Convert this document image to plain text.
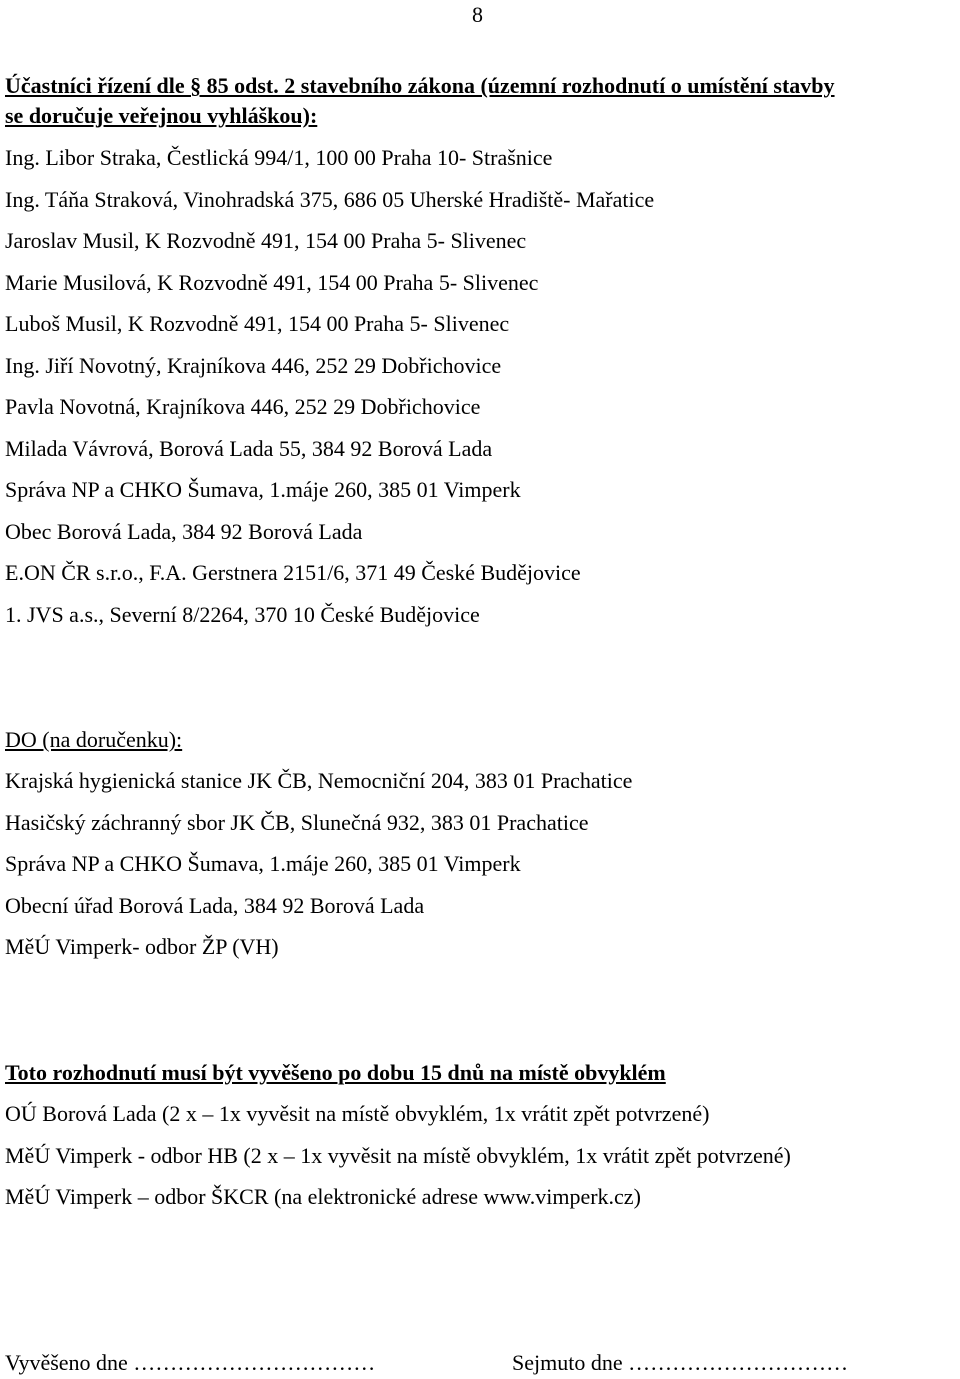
8
Účastníci řízení dle § 85 odst. 2 stavebního zákona (územní rozhodnutí o umístění stavby
se doručuje veřejnou vyhláškou):
Ing. Libor Straka, Čestlická 994/1, 100 00 Praha 10- Strašnice
Ing. Táňa Straková, Vinohradská 375, 686 05 Uherské Hradiště- Mařatice
Jaroslav Musil, K Rozvodně 491, 154 00 Praha 5- Slivenec
Marie Musilová, K Rozvodně 491, 154 00 Praha 5- Slivenec
Luboš Musil, K Rozvodně 491, 154 00 Praha 5- Slivenec
Ing. Jiří Novotný, Krajníkova 446, 252 29 Dobřichovice
Pavla Novotná, Krajníkova 446, 252 29 Dobřichovice
Milada Vávrová, Borová Lada 55, 384 92 Borová Lada
Správa NP a CHKO Šumava, 1.máje 260, 385 01 Vimperk
Obec Borová Lada, 384 92 Borová Lada
E.ON ČR s.r.o., F.A. Gerstnera 2151/6, 371 49 České Budějovice
1. JVS a.s., Severní 8/2264, 370 10 České Budějovice
DO (na doručenku):
Krajská hygienická stanice JK ČB, Nemocniční 204, 383 01 Prachatice
Hasičský záchranný sbor JK ČB, Slunečná 932, 383 01 Prachatice
Správa NP a CHKO Šumava, 1.máje 260, 385 01 Vimperk
Obecní úřad Borová Lada, 384 92 Borová Lada
MěÚ Vimperk- odbor ŽP (VH)
Toto rozhodnutí musí být vyvěšeno po dobu 15 dnů na místě obvyklém
OÚ Borová Lada (2 x – 1x vyvěsit na místě obvyklém, 1x vrátit zpět potvrzené)
MěÚ Vimperk - odbor HB (2 x – 1x vyvěsit na místě obvyklém, 1x vrátit zpět potvrzené)
MěÚ Vimperk – odbor ŠKCR (na elektronické adrese www.vimperk.cz)
Vyvěšeno dne ……………………………	Sejmuto dne …………………………
